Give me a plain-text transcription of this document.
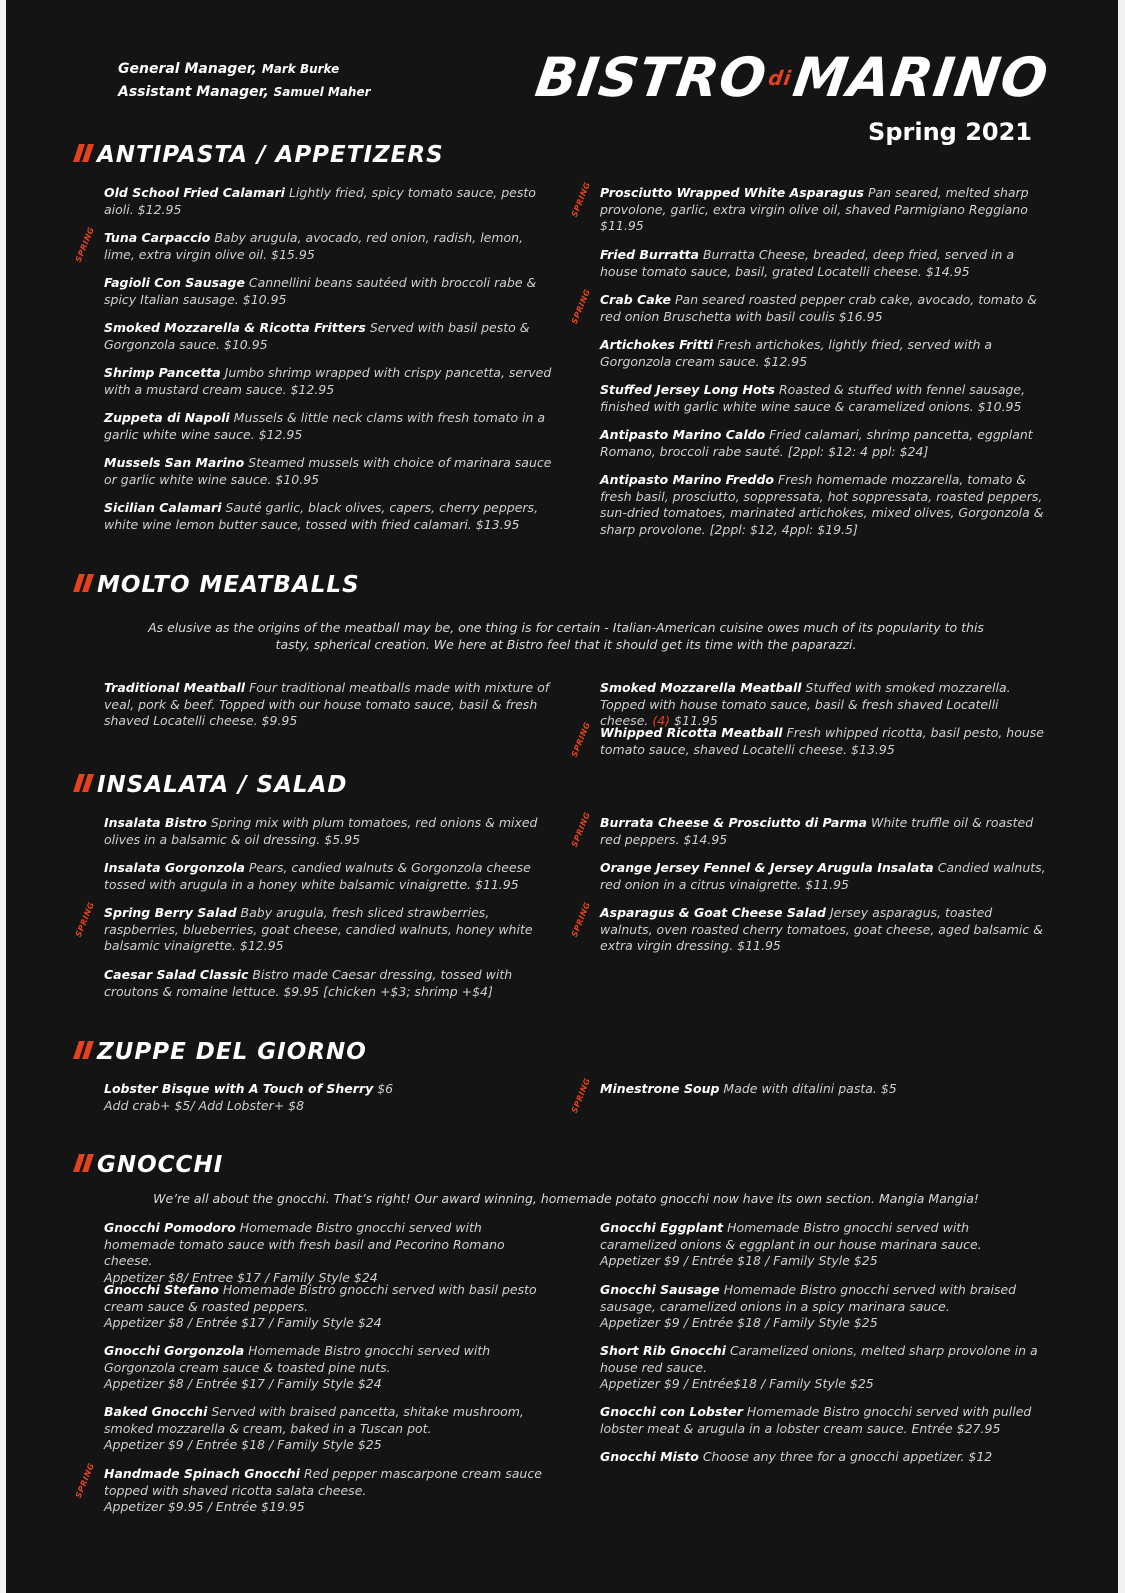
General Manager, Mark Burke
Assistant Manager, Samuel Maher	$BISTRO^{di}MARINO$
Spring 2021
ANTIPASTA / APPETIZERS
MOLTO MEATBALLS
INSALATA / SALAD
ZUPPE DEL GIORNO
GNOCCHI
As elusive as the origins of the meatball may be, one thing is for certain - Italian-American cuisine owes much of its popularity to this tasty, spherical creation. We here at Bistro feel that it should get its time with the paparazzi.
We’re all about the gnocchi. That’s right! Our award winning, homemade potato gnocchi now have its own section. Mangia Mangia!
Old School Fried Calamari Lightly fried, spicy tomato sauce, pesto aioli. $12.95
Tuna Carpaccio Baby arugula, avocado, red onion, radish, lemon, lime, extra virgin olive oil. $15.95
Fagioli Con Sausage Cannellini beans sautéed with broccoli rabe & spicy Italian sausage. $10.95
Smoked Mozzarella & Ricotta Fritters Served with basil pesto & Gorgonzola sauce. $10.95
Shrimp Pancetta Jumbo shrimp wrapped with crispy pancetta, served with a mustard cream sauce. $12.95
Zuppeta di Napoli Mussels & little neck clams with fresh tomato in a garlic white wine sauce. $12.95
Mussels San Marino Steamed mussels with choice of marinara sauce or garlic white wine sauce. $10.95
Sicilian Calamari Sauté garlic, black olives, capers, cherry peppers, white wine lemon butter sauce, tossed with fried calamari. $13.95
Prosciutto Wrapped White Asparagus Pan seared, melted sharp provolone, garlic, extra virgin olive oil, shaved Parmigiano Reggiano $11.95
Fried Burratta Burratta Cheese, breaded, deep fried, served in a house tomato sauce, basil, grated Locatelli cheese. $14.95
Crab Cake Pan seared roasted pepper crab cake, avocado, tomato & red onion Bruschetta with basil coulis $16.95
Artichokes Fritti Fresh artichokes, lightly fried, served with a Gorgonzola cream sauce. $12.95
Stuffed Jersey Long Hots Roasted & stuffed with fennel sausage, finished with garlic white wine sauce & caramelized onions. $10.95
Antipasto Marino Caldo Fried calamari, shrimp pancetta, eggplant Romano, broccoli rabe sauté. [2ppl: $12: 4 ppl: $24]
Antipasto Marino Freddo Fresh homemade mozzarella, tomato & fresh basil, prosciutto, soppressata, hot soppressata, roasted peppers, sun-dried tomatoes, marinated artichokes, mixed olives, Gorgonzola & sharp provolone. [2ppl: $12, 4ppl: $19.5]
Traditional Meatball Four traditional meatballs made with mixture of veal, pork & beef. Topped with our house tomato sauce, basil & fresh shaved Locatelli cheese. $9.95
Smoked Mozzarella Meatball Stuffed with smoked mozzarella. Topped with house tomato sauce, basil & fresh shaved Locatelli cheese. (4) $11.95
Whipped Ricotta Meatball Fresh whipped ricotta, basil pesto, house tomato sauce, shaved Locatelli cheese. $13.95
Insalata Bistro Spring mix with plum tomatoes, red onions & mixed olives in a balsamic & oil dressing. $5.95
Insalata Gorgonzola Pears, candied walnuts & Gorgonzola cheese tossed with arugula in a honey white balsamic vinaigrette. $11.95
Spring Berry Salad Baby arugula, fresh sliced strawberries, raspberries, blueberries, goat cheese, candied walnuts, honey white balsamic vinaigrette. $12.95
Caesar Salad Classic Bistro made Caesar dressing, tossed with croutons & romaine lettuce. $9.95 [chicken +$3; shrimp +$4]
Burrata Cheese & Prosciutto di Parma White truffle oil & roasted red peppers. $14.95
Orange Jersey Fennel & Jersey Arugula Insalata Candied walnuts, red onion in a citrus vinaigrette. $11.95
Asparagus & Goat Cheese Salad Jersey asparagus, toasted walnuts, oven roasted cherry tomatoes, goat cheese, aged balsamic & extra virgin dressing. $11.95
Lobster Bisque with A Touch of Sherry $6
Add crab+ $5/ Add Lobster+ $8
Minestrone Soup Made with ditalini pasta. $5
Gnocchi Pomodoro Homemade Bistro gnocchi served with homemade tomato sauce with fresh basil and Pecorino Romano cheese.
Appetizer $8/ Entree $17 / Family Style $24
Gnocchi Stefano Homemade Bistro gnocchi served with basil pesto cream sauce & roasted peppers.
Appetizer $8 / Entrée $17 / Family Style $24
Gnocchi Gorgonzola Homemade Bistro gnocchi served with Gorgonzola cream sauce & toasted pine nuts.
Appetizer $8 / Entrée $17 / Family Style $24
Baked Gnocchi Served with braised pancetta, shitake mushroom, smoked mozzarella & cream, baked in a Tuscan pot.
Appetizer $9 / Entrée $18 / Family Style $25
Handmade Spinach Gnocchi Red pepper mascarpone cream sauce topped with shaved ricotta salata cheese.
Appetizer $9.95 / Entrée $19.95
Gnocchi Eggplant Homemade Bistro gnocchi served with caramelized onions & eggplant in our house marinara sauce.
Appetizer $9 / Entrée $18 / Family Style $25
Gnocchi Sausage Homemade Bistro gnocchi served with braised sausage, caramelized onions in a spicy marinara sauce.
Appetizer $9 / Entrée $18 / Family Style $25
Short Rib Gnocchi Caramelized onions, melted sharp provolone in a house red sauce.
Appetizer $9 / Entrée$18 / Family Style $25
Gnocchi con Lobster Homemade Bistro gnocchi served with pulled lobster meat & arugula in a lobster cream sauce. Entrée $27.95
Gnocchi Misto Choose any three for a gnocchi appetizer. $12
SPRING
SPRING
SPRING
SPRING
SPRING
SPRING
SPRING
SPRING
SPRING
